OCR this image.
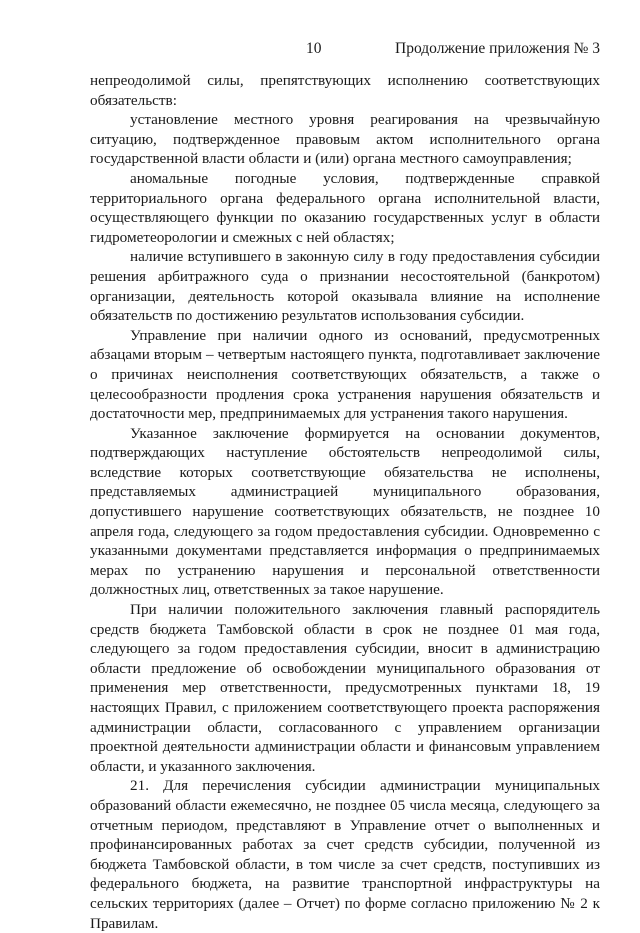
10	Продолжение приложения № 3

непреодолимой силы, препятствующих исполнению соответствующих обязательств:

установление местного уровня реагирования на чрезвычайную ситуацию, подтвержденное правовым актом исполнительного органа государственной власти области и (или) органа местного самоуправления;

аномальные погодные условия, подтвержденные справкой территориального органа федерального органа исполнительной власти, осуществляющего функции по оказанию государственных услуг в области гидрометеорологии и смежных с ней областях;

наличие вступившего в законную силу в году предоставления субсидии решения арбитражного суда о признании несостоятельной (банкротом) организации, деятельность которой оказывала влияние на исполнение обязательств по достижению результатов использования субсидии.

Управление при наличии одного из оснований, предусмотренных абзацами вторым – четвертым настоящего пункта, подготавливает заключение о причинах неисполнения соответствующих обязательств, а также о целесообразности продления срока устранения нарушения обязательств и достаточности мер, предпринимаемых для устранения такого нарушения.

Указанное заключение формируется на основании документов, подтверждающих наступление обстоятельств непреодолимой силы, вследствие которых соответствующие обязательства не исполнены, представляемых администрацией муниципального образования, допустившего нарушение соответствующих обязательств, не позднее 10 апреля года, следующего за годом предоставления субсидии. Одновременно с указанными документами представляется информация о предпринимаемых мерах по устранению нарушения и персональной ответственности должностных лиц, ответственных за такое нарушение.

При наличии положительного заключения главный распорядитель средств бюджета Тамбовской области в срок не позднее 01 мая года, следующего за годом предоставления субсидии, вносит в администрацию области предложение об освобождении муниципального образования от применения мер ответственности, предусмотренных пунктами 18, 19 настоящих Правил, с приложением соответствующего проекта распоряжения администрации области, согласованного с управлением организации проектной деятельности администрации области и финансовым управлением области, и указанного заключения.

21. Для перечисления субсидии администрации муниципальных образований области ежемесячно, не позднее 05 числа месяца, следующего за отчетным периодом, представляют в Управление отчет о выполненных и профинансированных работах за счет средств субсидии, полученной из бюджета Тамбовской области, в том числе за счет средств, поступивших из федерального бюджета, на развитие транспортной инфраструктуры на сельских территориях (далее – Отчет) по форме согласно приложению № 2 к Правилам.
